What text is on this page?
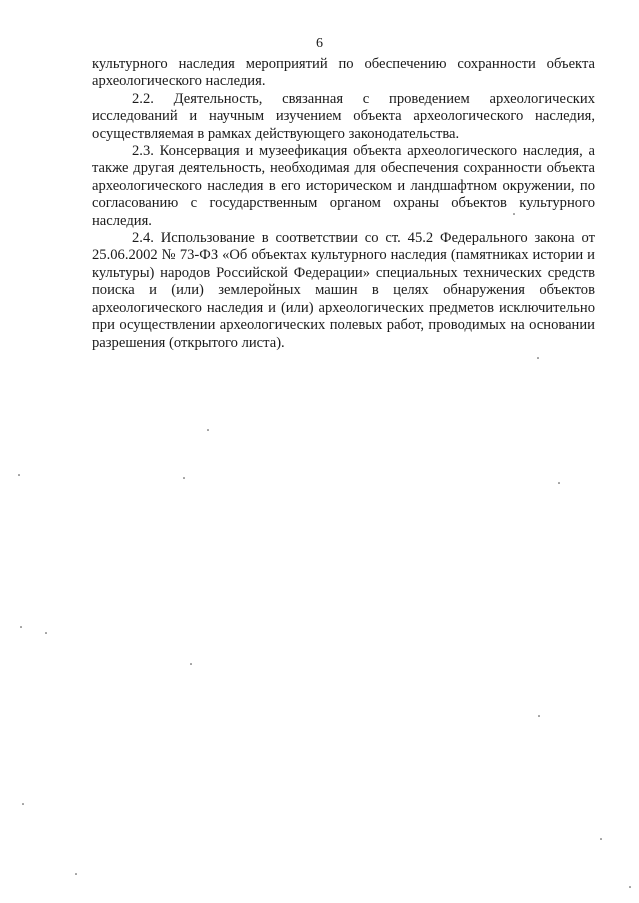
6

культурного наследия мероприятий по обеспечению сохранности объекта археологического наследия.

2.2. Деятельность, связанная с проведением археологических исследований и научным изучением объекта археологического наследия, осуществляемая в рамках действующего законодательства.

2.3. Консервация и музеефикация объекта археологического наследия, а также другая деятельность, необходимая для обеспечения сохранности объекта археологического наследия в его историческом и ландшафтном окружении, по согласованию с государственным органом охраны объектов культурного наследия.

2.4. Использование в соответствии со ст. 45.2 Федерального закона от 25.06.2002 № 73-ФЗ «Об объектах культурного наследия (памятниках истории и культуры) народов Российской Федерации» специальных технических средств поиска и (или) землеройных машин в целях обнаружения объектов археологического наследия и (или) археологических предметов исключительно при осуществлении археологических полевых работ, проводимых на основании разрешения (открытого листа).
